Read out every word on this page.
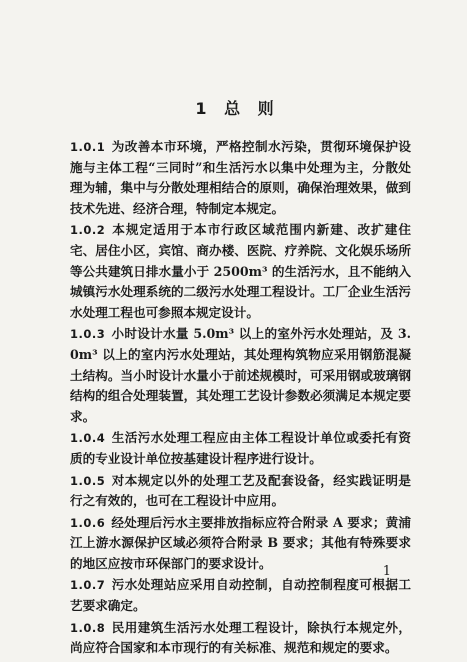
1 总 则
1.0.1 为改善本市环境，严格控制水污染，贯彻环境保护设施与主体工程“三同时”和生活污水以集中处理为主，分散处理为辅，集中与分散处理相结合的原则，确保治理效果，做到技术先进、经济合理，特制定本规定。
1.0.2 本规定适用于本市行政区域范围内新建、改扩建住宅、居住小区，宾馆、商办楼、医院、疗养院、文化娱乐场所等公共建筑日排水量小于 2500m³ 的生活污水，且不能纳入城镇污水处理系统的二级污水处理工程设计。工厂企业生活污水处理工程也可参照本规定设计。
1.0.3 小时设计水量 5.0m³ 以上的室外污水处理站，及 3.0m³ 以上的室内污水处理站，其处理构筑物应采用钢筋混凝土结构。当小时设计水量小于前述规模时，可采用钢或玻璃钢结构的组合处理装置，其处理工艺设计参数必须满足本规定要求。
1.0.4 生活污水处理工程应由主体工程设计单位或委托有资质的专业设计单位按基建设计程序进行设计。
1.0.5 对本规定以外的处理工艺及配套设备，经实践证明是行之有效的，也可在工程设计中应用。
1.0.6 经处理后污水主要排放指标应符合附录 A 要求；黄浦江上游水源保护区域必须符合附录 B 要求；其他有特殊要求的地区应按市环保部门的要求设计。
1.0.7 污水处理站应采用自动控制，自动控制程度可根据工艺要求确定。
1.0.8 民用建筑生活污水处理工程设计，除执行本规定外，尚应符合国家和本市现行的有关标准、规范和规定的要求。
1
